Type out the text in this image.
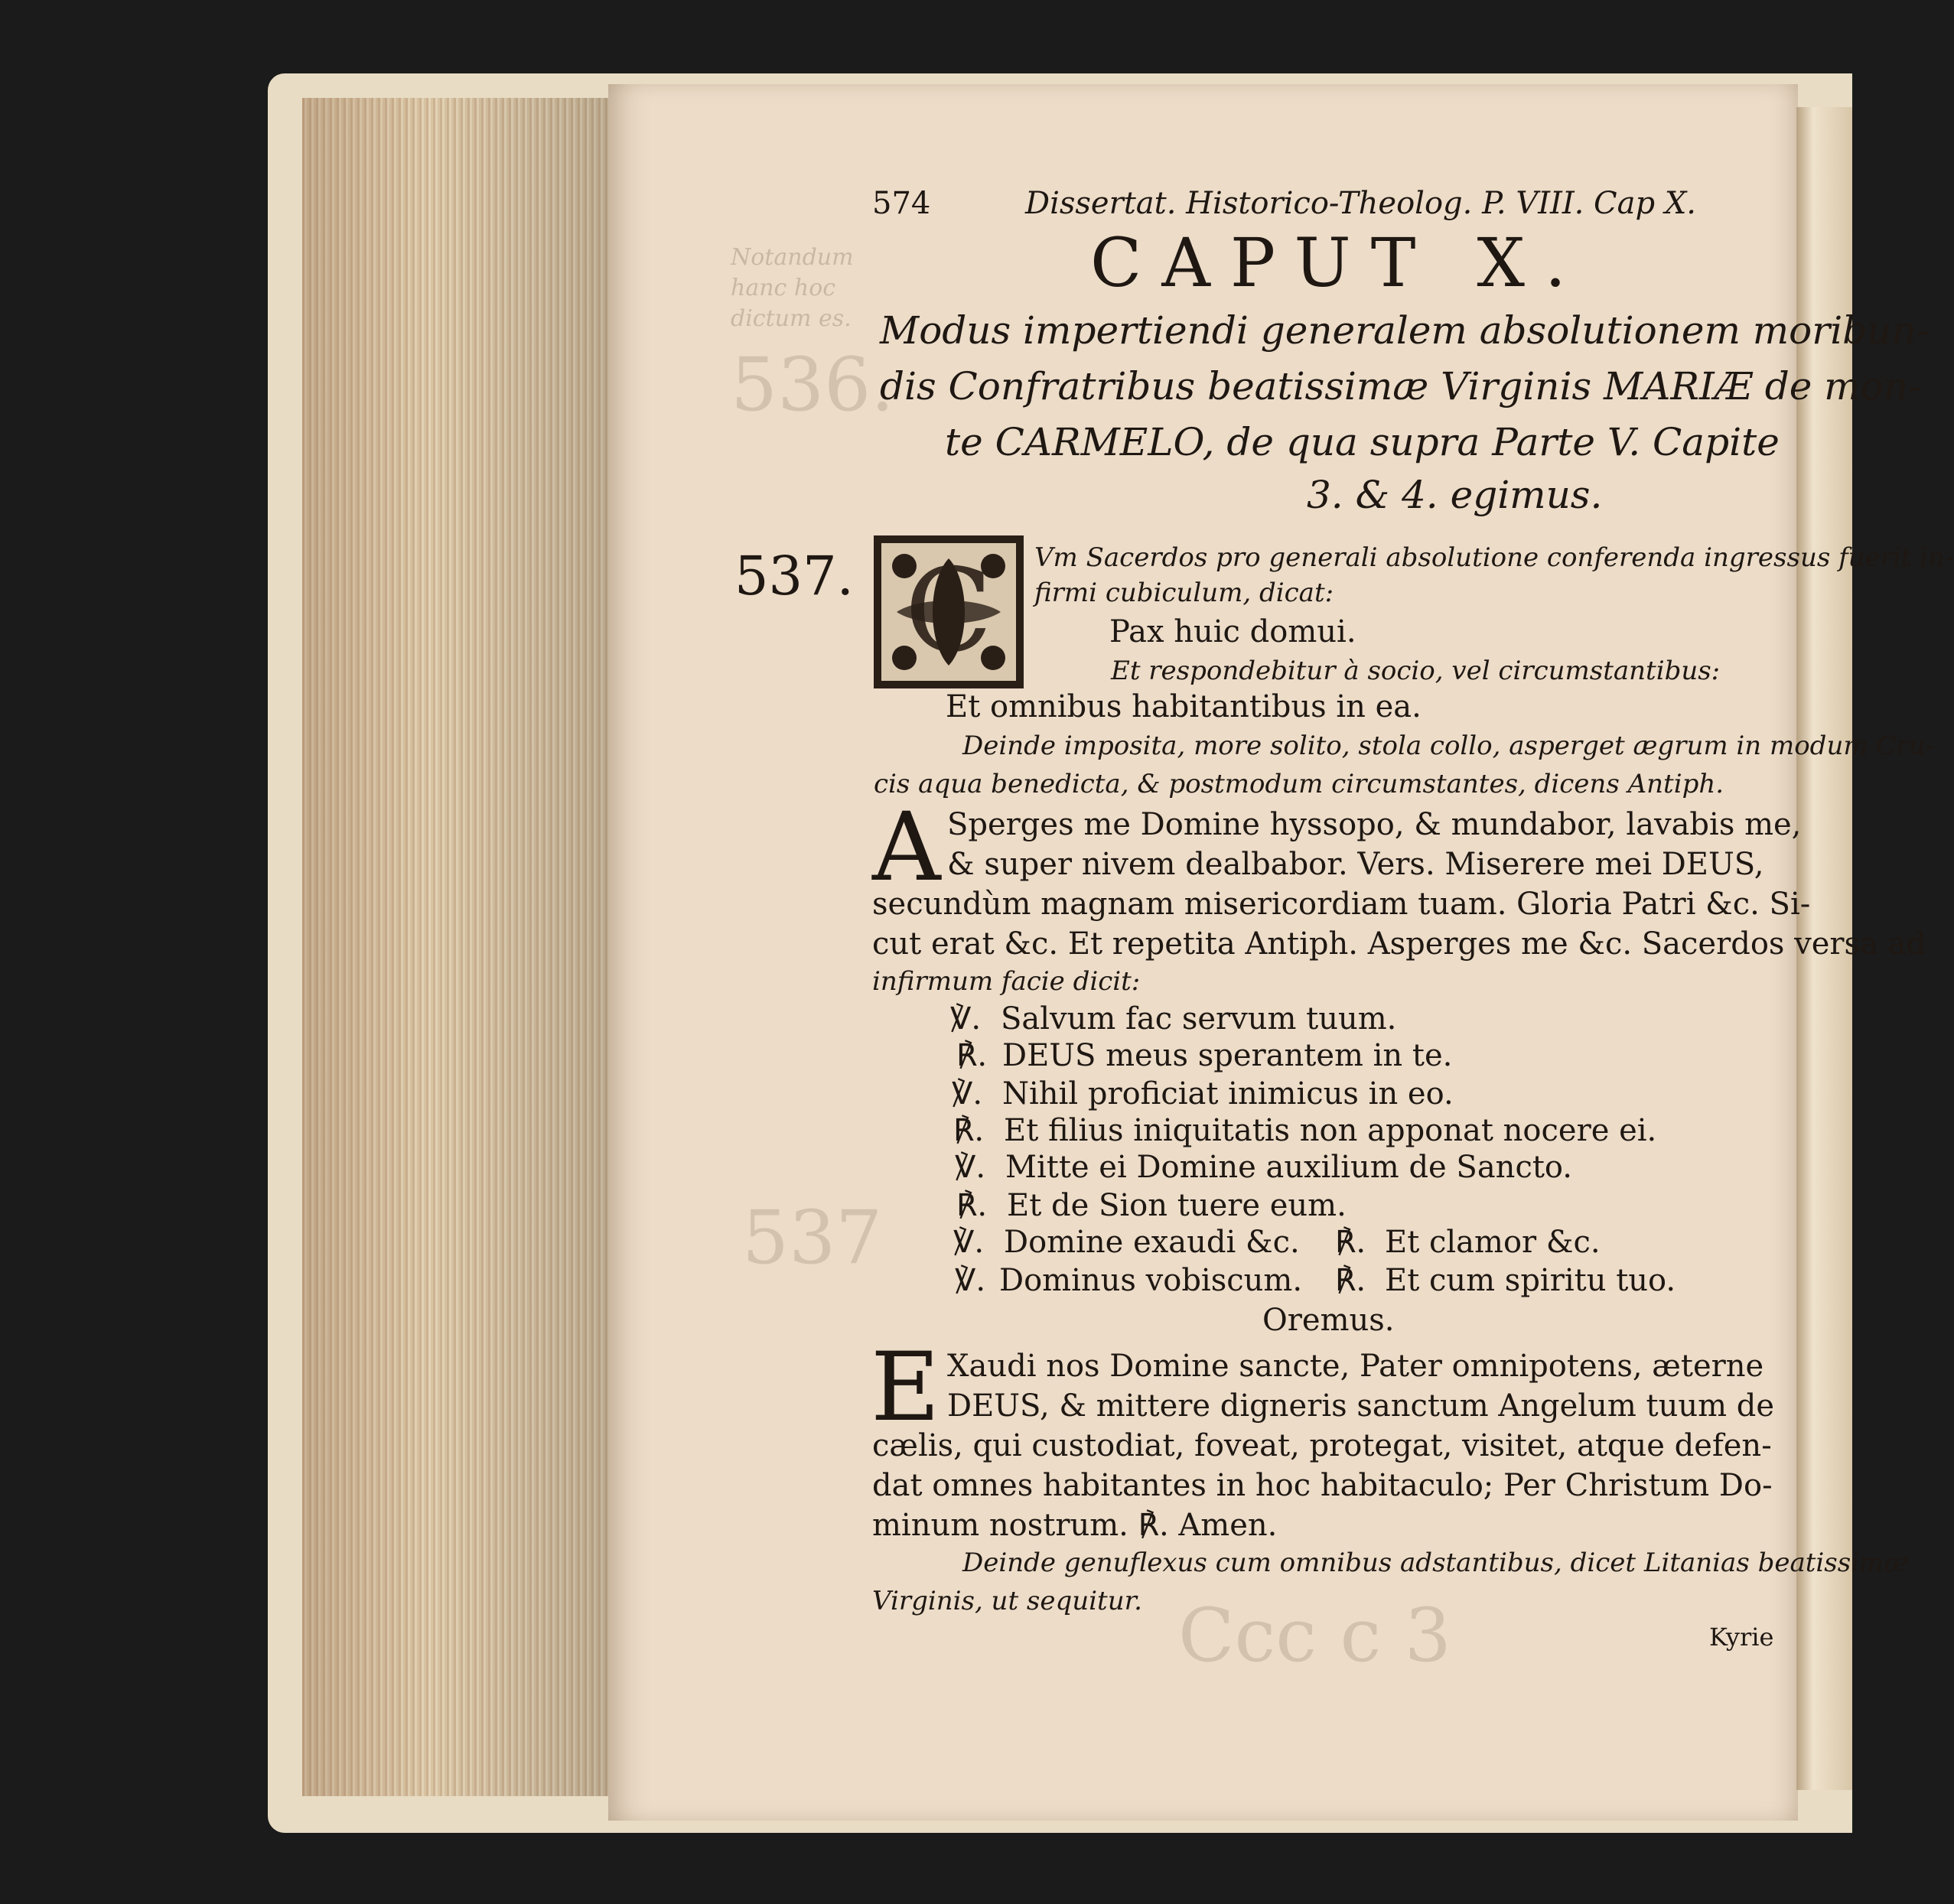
Notandum
hanc hoc
dictum es.
536.
537
Ccc c 3
574	Dissertat. Historico-Theolog. P. VIII. Cap X.
CAPUT X.
Modus impertiendi generalem absolutionem moribun-
dis Confratribus beatissimæ Virginis MARIÆ de mon-
te CARMELO, de qua supra Parte V. Capite
3. & 4. egimus.
537. C Vm Sacerdos pro generali absolutione conferenda ingressus fuerit in-
firmi cubiculum, dicat:
Pax huic domui.
Et respondebitur à socio, vel circumstantibus:
Et omnibus habitantibus in ea.
Deinde imposita, more solito, stola collo, asperget ægrum in modum Cru-
cis aqua benedicta, & postmodum circumstantes, dicens Antiph.
A Sperges me Domine hyssopo, & mundabor, lavabis me,
& super nivem dealbabor. Vers. Miserere mei DEUS,
secundùm magnam misericordiam tuam. Gloria Patri &c. Si-
cut erat &c. Et repetita Antiph. Asperges me &c. Sacerdos versa ad
infirmum facie dicit:
℣. Salvum fac servum tuum.
℟. DEUS meus sperantem in te.
℣. Nihil proficiat inimicus in eo.
℟. Et filius iniquitatis non apponat nocere ei.
℣. Mitte ei Domine auxilium de Sancto.
℟. Et de Sion tuere eum.
℣. Domine exaudi &c. ℟. Et clamor &c.
℣. Dominus vobiscum. ℟. Et cum spiritu tuo.
Oremus.
E Xaudi nos Domine sancte, Pater omnipotens, æterne
DEUS, & mittere digneris sanctum Angelum tuum de
cælis, qui custodiat, foveat, protegat, visitet, atque defen-
dat omnes habitantes in hoc habitaculo; Per Christum Do-
minum nostrum. ℟. Amen.
Deinde genuflexus cum omnibus adstantibus, dicet Litanias beatissimæ
Virginis, ut sequitur.
Kyrie
